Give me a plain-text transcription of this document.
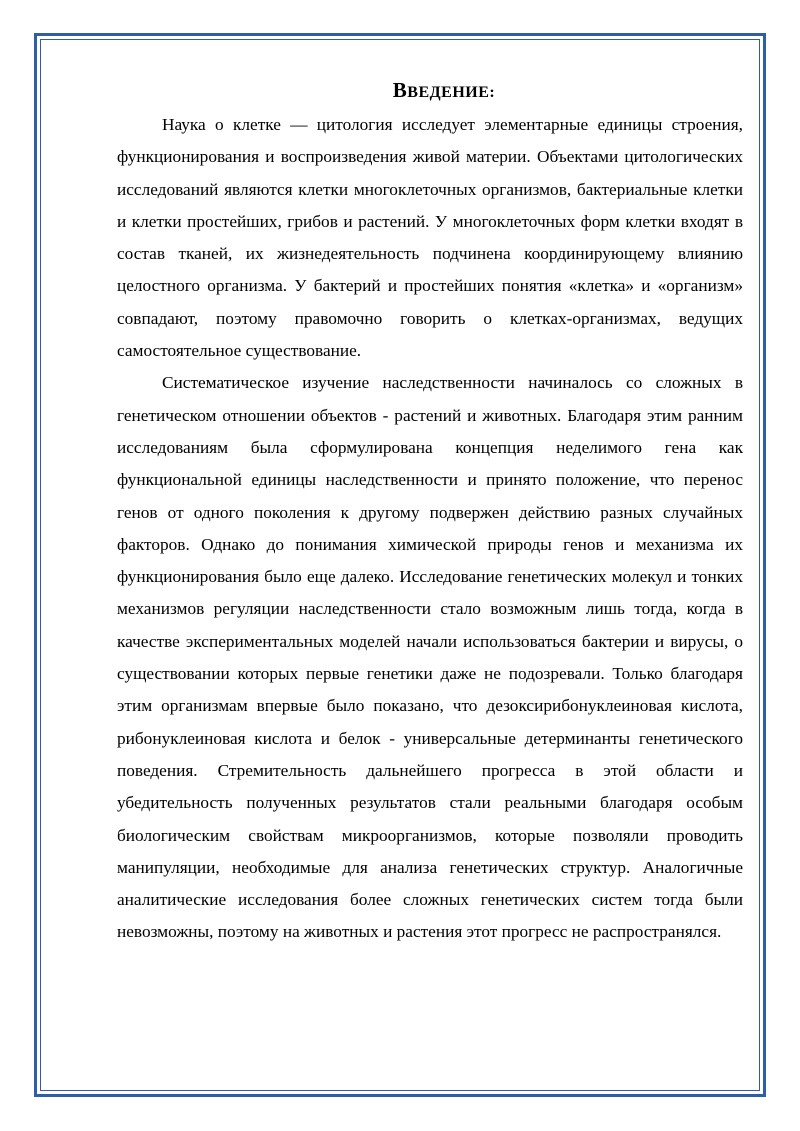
ВВЕДЕНИЕ:

Наука о клетке — цитология исследует элементарные единицы строения, функционирования и воспроизведения живой материи. Объектами цитологических исследований являются клетки многоклеточных организмов, бактериальные клетки и клетки простейших, грибов и растений. У многоклеточных форм клетки входят в состав тканей, их жизнедеятельность подчинена координирующему влиянию целостного организма. У бактерий и простейших понятия «клетка» и «организм» совпадают, поэтому правомочно говорить о клетках-организмах, ведущих самостоятельное существование.

Систематическое изучение наследственности начиналось со сложных в генетическом отношении объектов - растений и животных. Благодаря этим ранним исследованиям была сформулирована концепция неделимого гена как функциональной единицы наследственности и принято положение, что перенос генов от одного поколения к другому подвержен действию разных случайных факторов. Однако до понимания химической природы генов и механизма их функционирования было еще далеко. Исследование генетических молекул и тонких механизмов регуляции наследственности стало возможным лишь тогда, когда в качестве экспериментальных моделей начали использоваться бактерии и вирусы, о существовании которых первые генетики даже не подозревали. Только благодаря этим организмам впервые было показано, что дезоксирибонуклеиновая кислота, рибонуклеиновая кислота и белок - универсальные детерминанты генетического поведения. Стремительность дальнейшего прогресса в этой области и убедительность полученных результатов стали реальными благодаря особым биологическим свойствам микроорганизмов, которые позволяли проводить манипуляции, необходимые для анализа генетических структур. Аналогичные аналитические исследования более сложных генетических систем тогда были невозможны, поэтому на животных и растения этот прогресс не распространялся.
